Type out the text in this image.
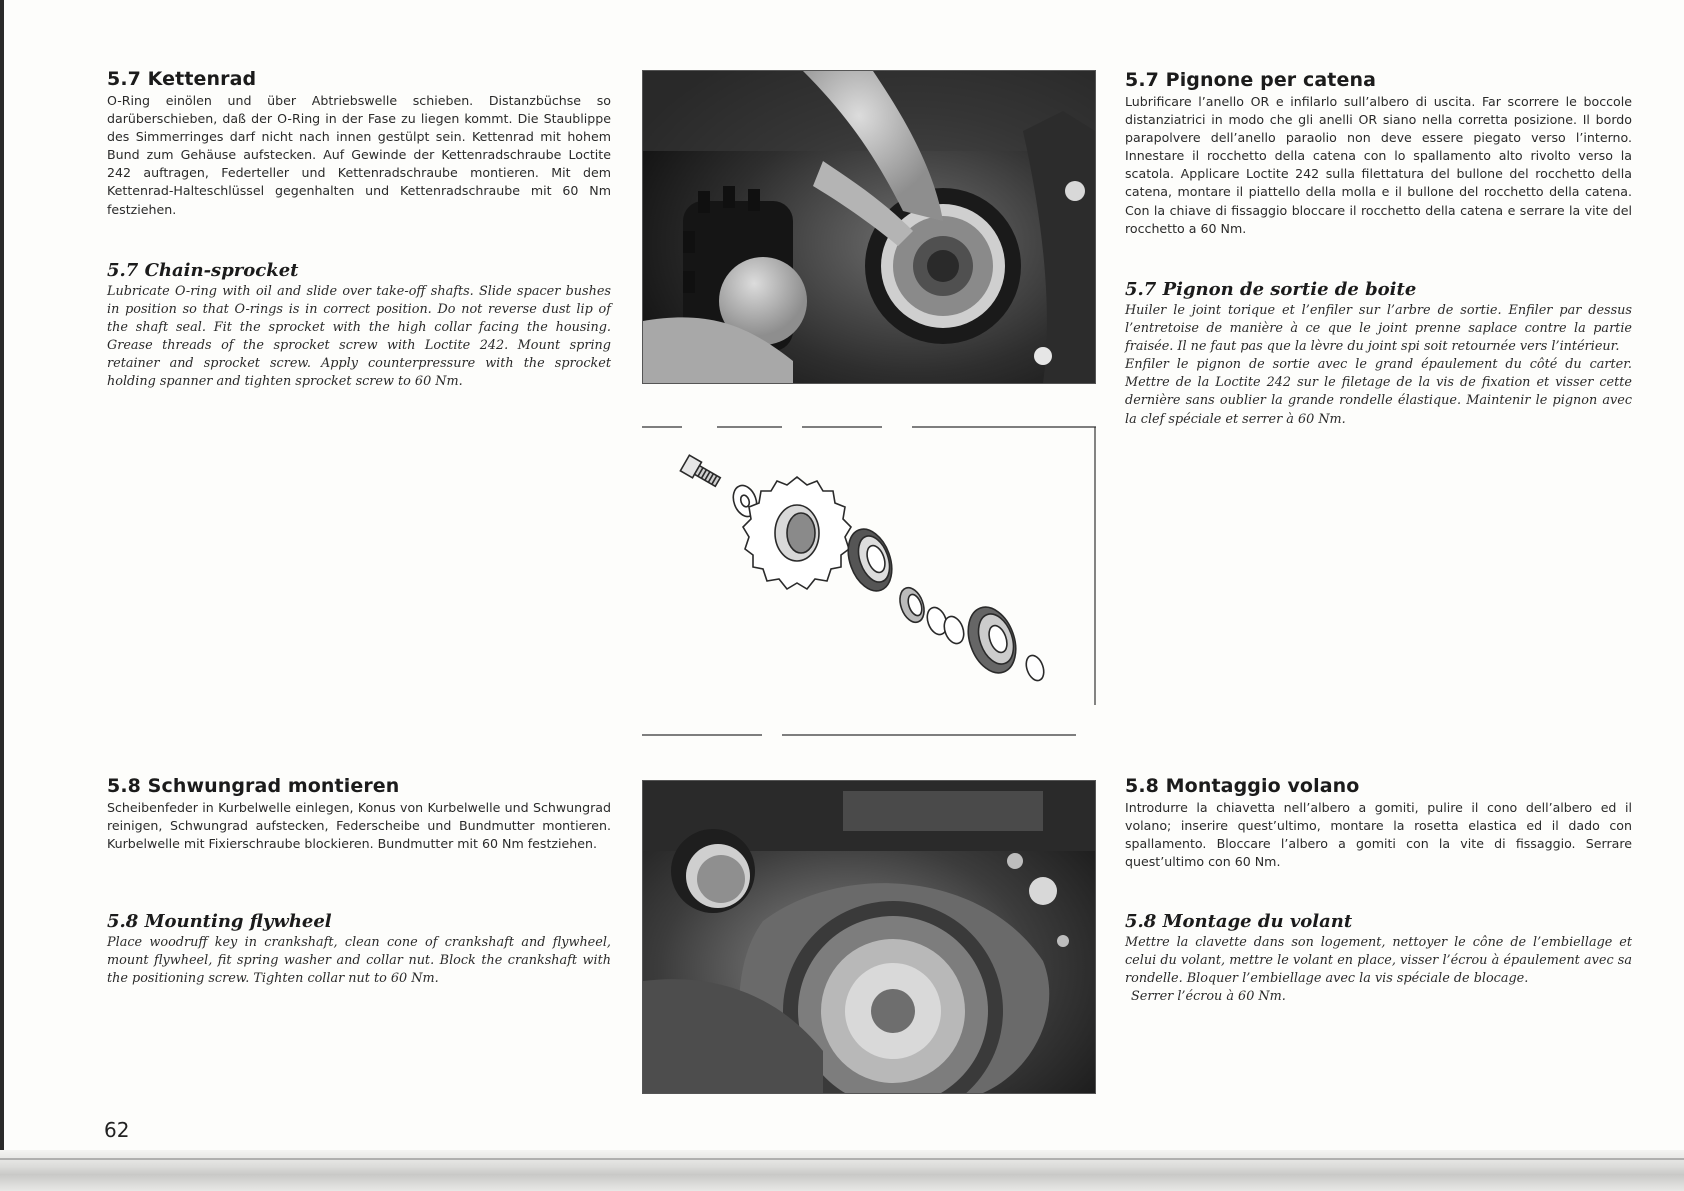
5.7 Kettenrad

O-Ring einölen und über Abtriebswelle schieben. Distanzbüchse so darüberschieben, daß der O-Ring in der Fase zu liegen kommt. Die Staublippe des Simmerringes darf nicht nach innen gestülpt sein. Kettenrad mit hohem Bund zum Gehäuse aufstecken. Auf Gewinde der Kettenradschraube Loctite 242 auftragen, Federteller und Kettenradschraube montieren. Mit dem Kettenrad-Halteschlüssel gegenhalten und Kettenradschraube mit 60 Nm festziehen.

5.7 Chain-sprocket

Lubricate O-ring with oil and slide over take-off shafts. Slide spacer bushes in position so that O-rings is in correct position. Do not reverse dust lip of the shaft seal. Fit the sprocket with the high collar facing the housing. Grease threads of the sprocket screw with Loctite 242. Mount spring retainer and sprocket screw. Apply counterpressure with the sprocket holding spanner and tighten sprocket screw to 60 Nm.

5.7 Pignone per catena

Lubrificare l’anello OR e infilarlo sull’albero di uscita. Far scorrere le boccole distanziatrici in modo che gli anelli OR siano nella corretta posizione. Il bordo parapolvere dell’anello paraolio non deve essere piegato verso l’interno. Innestare il rocchetto della catena con lo spallamento alto rivolto verso la scatola. Applicare Loctite 242 sulla filettatura del bullone del rocchetto della catena, montare il piattello della molla e il bullone del rocchetto della catena. Con la chiave di fissaggio bloccare il rocchetto della catena e serrare la vite del rocchetto a 60 Nm.

5.7 Pignon de sortie de boite

Huiler le joint torique et l’enfiler sur l’arbre de sortie. Enfiler par dessus l’entretoise de manière à ce que le joint prenne saplace contre la partie fraisée. Il ne faut pas que la lèvre du joint spi soit retournée vers l’intérieur.

Enfiler le pignon de sortie avec le grand épaulement du côté du carter. Mettre de la Loctite 242 sur le filetage de la vis de fixation et visser cette dernière sans oublier la grande rondelle élastique. Maintenir le pignon avec la clef spéciale et serrer à 60 Nm.

5.8 Schwungrad montieren

Scheibenfeder in Kurbelwelle einlegen, Konus von Kurbelwelle und Schwungrad reinigen, Schwungrad aufstecken, Federscheibe und Bundmutter montieren. Kurbelwelle mit Fixierschraube blockieren. Bundmutter mit 60 Nm festziehen.

5.8 Mounting flywheel

Place woodruff key in crankshaft, clean cone of crankshaft and flywheel, mount flywheel, fit spring washer and collar nut. Block the crankshaft with the positioning screw. Tighten collar nut to 60 Nm.

5.8 Montaggio volano

Introdurre la chiavetta nell’albero a gomiti, pulire il cono dell’albero ed il volano; inserire quest’ultimo, montare la rosetta elastica ed il dado con spallamento. Bloccare l’albero a gomiti con la vite di fissaggio. Serrare quest’ultimo con 60 Nm.

5.8 Montage du volant

Mettre la clavette dans son logement, nettoyer le cône de l’embiellage et celui du volant, mettre le volant en place, visser l’écrou à épaulement avec sa rondelle. Bloquer l’embiellage avec la vis spéciale de blocage.

Serrer l’écrou à 60 Nm.

62
